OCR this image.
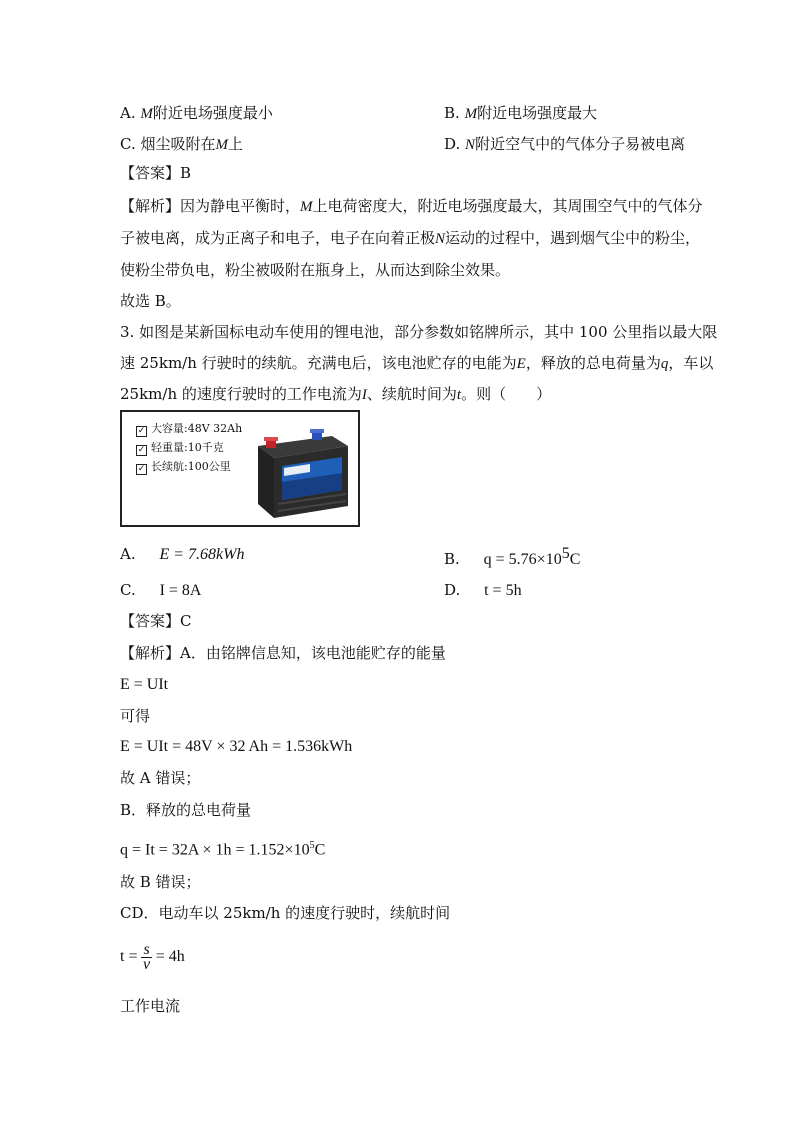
A. M附近电场强度最小	B. M附近电场强度最大
C. 烟尘吸附在M上	D. N附近空气中的气体分子易被电离
【答案】B
【解析】因为静电平衡时，M上电荷密度大，附近电场强度最大，其周围空气中的气体分
子被电离，成为正离子和电子，电子在向着正极N运动的过程中，遇到烟气尘中的粉尘，
使粉尘带负电，粉尘被吸附在瓶身上，从而达到除尘效果。
故选 B。
3. 如图是某新国标电动车使用的锂电池，部分参数如铭牌所示，其中 100 公里指以最大限
速 25km/h 行驶时的续航。充满电后，该电池贮存的电能为E，释放的总电荷量为q，车以
25km/h 的速度行驶时的工作电流为I、续航时间为t。则（　　）
✓ 大容量:48V 32Ah
✓ 轻重量:10千克
✓ 长续航:100公里
A. E = 7.68kWh	B. $q = 5.76\times 10^5C$
C. I = 8A	D. t = 5h
【答案】C
【解析】A．由铭牌信息知，该电池能贮存的能量
E = UIt
可得
E = UIt = 48V × 32 Ah = 1.536kWh
故 A 错误；
B．释放的总电荷量
$q = It = 32A \times 1h = 1.152\times 10^5C$
故 B 错误；
CD．电动车以 25km/h 的速度行驶时，续航时间
$t = \frac{s}{v} = 4h$
工作电流
